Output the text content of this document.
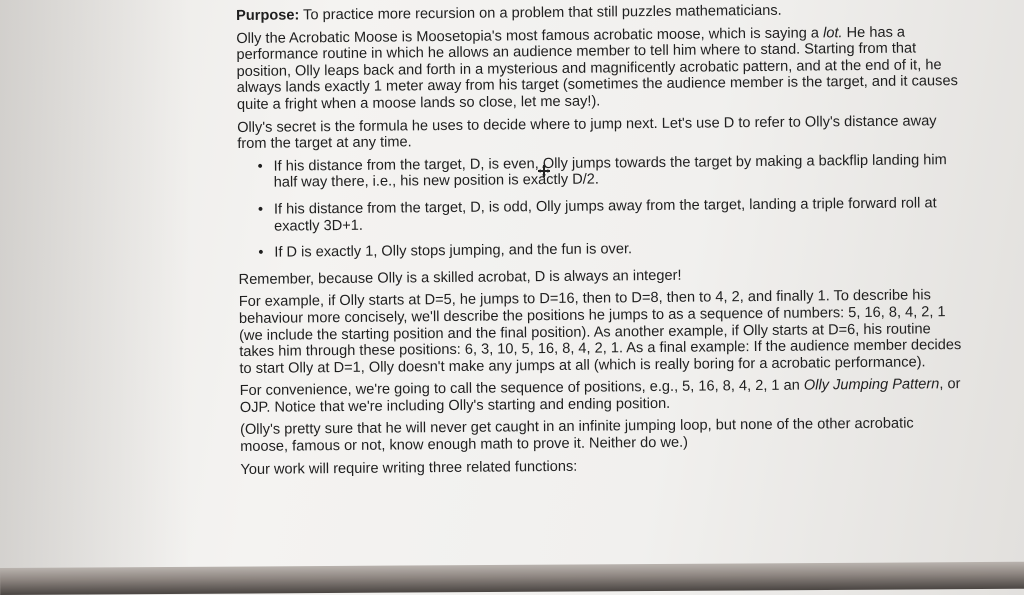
Purpose: To practice more recursion on a problem that still puzzles mathematicians.

Olly the Acrobatic Moose is Moosetopia's most famous acrobatic moose, which is saying a lot. He has a performance routine in which he allows an audience member to tell him where to stand. Starting from that position, Olly leaps back and forth in a mysterious and magnificently acrobatic pattern, and at the end of it, he always lands exactly 1 meter away from his target (sometimes the audience member is the target, and it causes quite a fright when a moose lands so close, let me say!).

Olly's secret is the formula he uses to decide where to jump next. Let's use D to refer to Olly's distance away from the target at any time.

• If his distance from the target, D, is even, Olly jumps towards the target by making a backflip landing him half way there, i.e., his new position is exactly D/2.
• If his distance from the target, D, is odd, Olly jumps away from the target, landing a triple forward roll at exactly 3D+1.
• If D is exactly 1, Olly stops jumping, and the fun is over.

Remember, because Olly is a skilled acrobat, D is always an integer!

For example, if Olly starts at D=5, he jumps to D=16, then to D=8, then to 4, 2, and finally 1. To describe his behaviour more concisely, we'll describe the positions he jumps to as a sequence of numbers: 5, 16, 8, 4, 2, 1 (we include the starting position and the final position). As another example, if Olly starts at D=6, his routine takes him through these positions: 6, 3, 10, 5, 16, 8, 4, 2, 1. As a final example: If the audience member decides to start Olly at D=1, Olly doesn't make any jumps at all (which is really boring for a acrobatic performance).

For convenience, we're going to call the sequence of positions, e.g., 5, 16, 8, 4, 2, 1 an Olly Jumping Pattern, or OJP. Notice that we're including Olly's starting and ending position.

(Olly's pretty sure that he will never get caught in an infinite jumping loop, but none of the other acrobatic moose, famous or not, know enough math to prove it. Neither do we.)

Your work will require writing three related functions:
